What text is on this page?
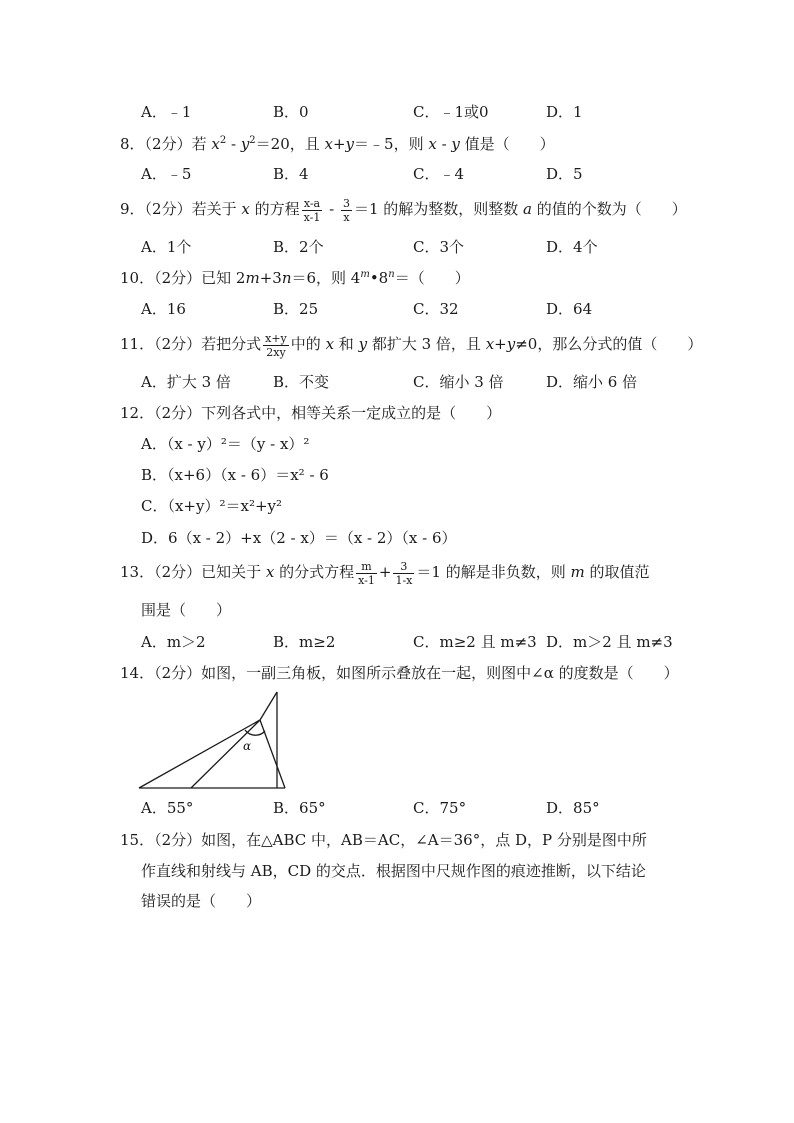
A．﹣1	B．0	C．﹣1或0	D．1
8．（2分）若 $x^2 - y^2=20$，且 x+y＝﹣5，则 x - y 值是（　　）
A．﹣5	B．4	C．﹣4	D．5
9．（2分）若关于 x 的方程 $\frac{x-a}{x-1} - \frac{3}{x} =1$ 的解为整数，则整数 a 的值的个数为（　　）
A．1个	B．2个	C．3个	D．4个
10．（2分）已知 2m+3n＝6，则 $4^m•8^n=$（　　）
A．16	B．25	C．32	D．64
11．（2分）若把分式 $\frac{x+y}{2xy}$ 中的 x 和 y 都扩大 3 倍，且 x+y≠0，那么分式的值（　　）
A．扩大 3 倍	B．不变	C．缩小 3 倍	D．缩小 6 倍
12．（2分）下列各式中，相等关系一定成立的是（　　）
A．（x - y）²＝（y - x）²
B．（x+6）（x - 6）＝x² - 6
C．（x+y）²＝x²+y²
D．6（x - 2）+x（2 - x）＝（x - 2）（x - 6）
13．（2分）已知关于 x 的分式方程 $\frac{m}{x-1} + \frac{3}{1-x} =1$ 的解是非负数，则 m 的取值范
围是（　　）
A．m＞2	B．m≥2	C．m≥2 且 m≠3 D．m＞2 且 m≠3
14．（2分）如图，一副三角板，如图所示叠放在一起，则图中∠α 的度数是（　　）
α
A．55°	B．65°	C．75°	D．85°
15．（2分）如图，在△ABC 中，AB＝AC，∠A＝36°，点 D，P 分别是图中所
作直线和射线与 AB，CD 的交点．根据图中尺规作图的痕迹推断，以下结论
错误的是（　　）
